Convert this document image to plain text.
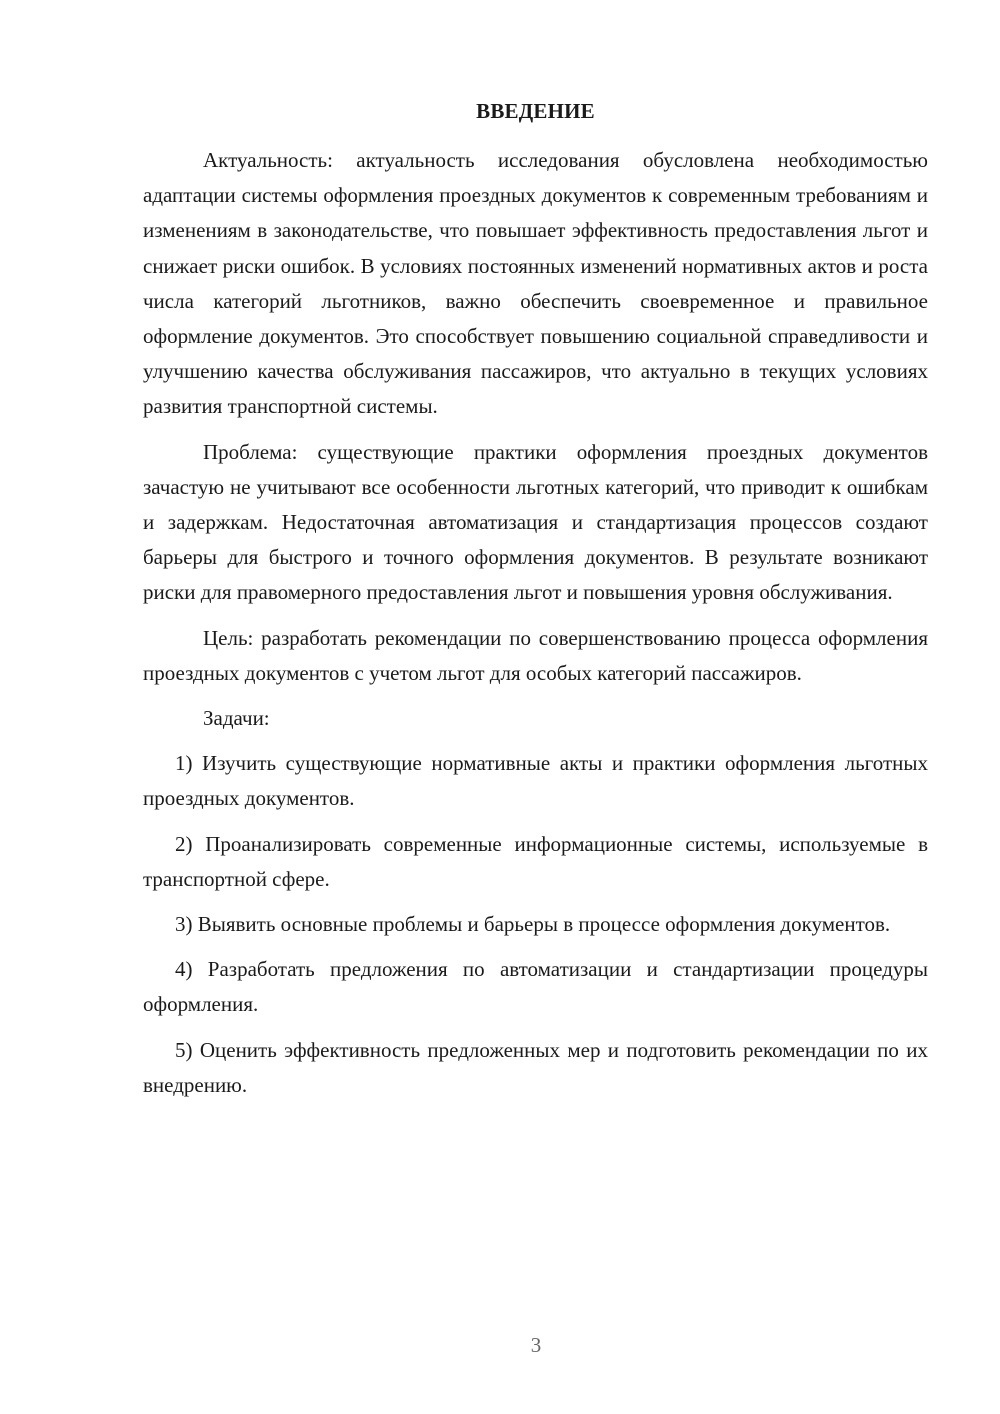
ВВЕДЕНИЕ

Актуальность: актуальность исследования обусловлена необходимостью адаптации системы оформления проездных документов к современным требованиям и изменениям в законодательстве, что повышает эффективность предоставления льгот и снижает риски ошибок. В условиях постоянных изменений нормативных актов и роста числа категорий льготников, важно обеспечить своевременное и правильное оформление документов. Это способствует повышению социальной справедливости и улучшению качества обслуживания пассажиров, что актуально в текущих условиях развития транспортной системы.

Проблема: существующие практики оформления проездных документов зачастую не учитывают все особенности льготных категорий, что приводит к ошибкам и задержкам. Недостаточная автоматизация и стандартизация процессов создают барьеры для быстрого и точного оформления документов. В результате возникают риски для правомерного предоставления льгот и повышения уровня обслуживания.

Цель: разработать рекомендации по совершенствованию процесса оформления проездных документов с учетом льгот для особых категорий пассажиров.

Задачи:

1) Изучить существующие нормативные акты и практики оформления льготных проездных документов.

2) Проанализировать современные информационные системы, используемые в транспортной сфере.

3) Выявить основные проблемы и барьеры в процессе оформления документов.

4) Разработать предложения по автоматизации и стандартизации процедуры оформления.

5) Оценить эффективность предложенных мер и подготовить рекомендации по их внедрению.

3
